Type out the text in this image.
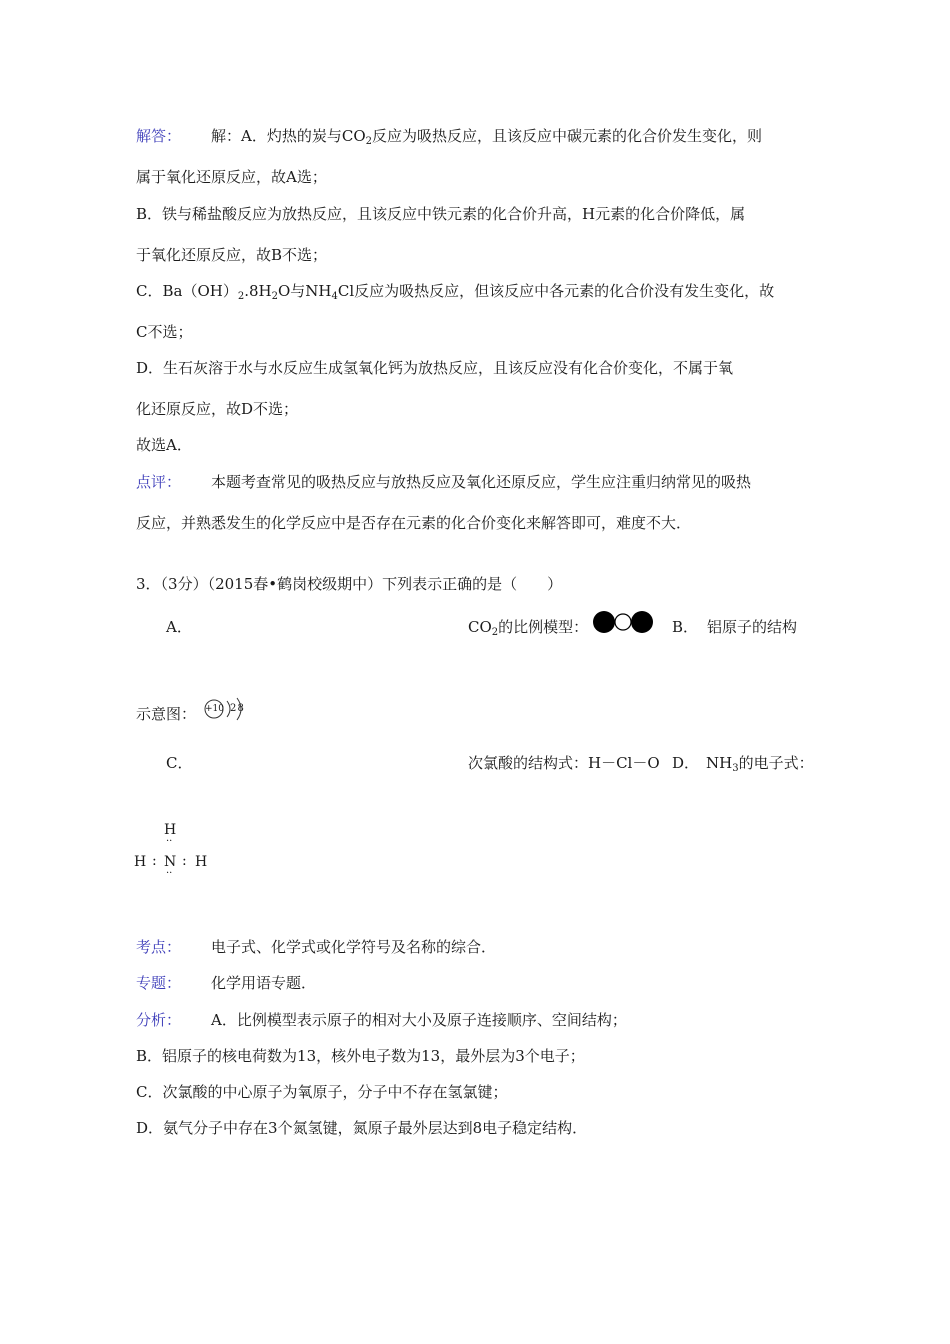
解答： 解：A．灼热的炭与$CO_2$反应为吸热反应，且该反应中碳元素的化合价发生变化，则
属于氧化还原反应，故A选；
B．铁与稀盐酸反应为放热反应，且该反应中铁元素的化合价升高，H元素的化合价降低，属
于氧化还原反应，故B不选；
C．$Ba(OH)_2.8H_2O$与$NH_4Cl$反应为吸热反应，但该反应中各元素的化合价没有发生变化，故
C不选；
D．生石灰溶于水与水反应生成氢氧化钙为放热反应，且该反应没有化合价变化，不属于氧
化还原反应，故D不选；
故选A．
点评： 本题考查常见的吸热反应与放热反应及氧化还原反应，学生应注重归纳常见的吸热
反应，并熟悉发生的化学反应中是否存在元素的化合价变化来解答即可，难度不大．
3．（3分）（2015春•鹤岗校级期中）下列表示正确的是（　　）
A．	$CO_2$的比例模型：	B． 铝原子的结构
示意图： +10 2 8
C．	次氯酸的结构式：H－Cl－O D． $NH_3$的电子式：
H
··
H : N : H
··
考点： 电子式、化学式或化学符号及名称的综合．
专题： 化学用语专题．
分析： A．比例模型表示原子的相对大小及原子连接顺序、空间结构；
B．铝原子的核电荷数为13，核外电子数为13，最外层为3个电子；
C．次氯酸的中心原子为氧原子，分子中不存在氢氯键；
D．氨气分子中存在3个氮氢键，氮原子最外层达到8电子稳定结构．
